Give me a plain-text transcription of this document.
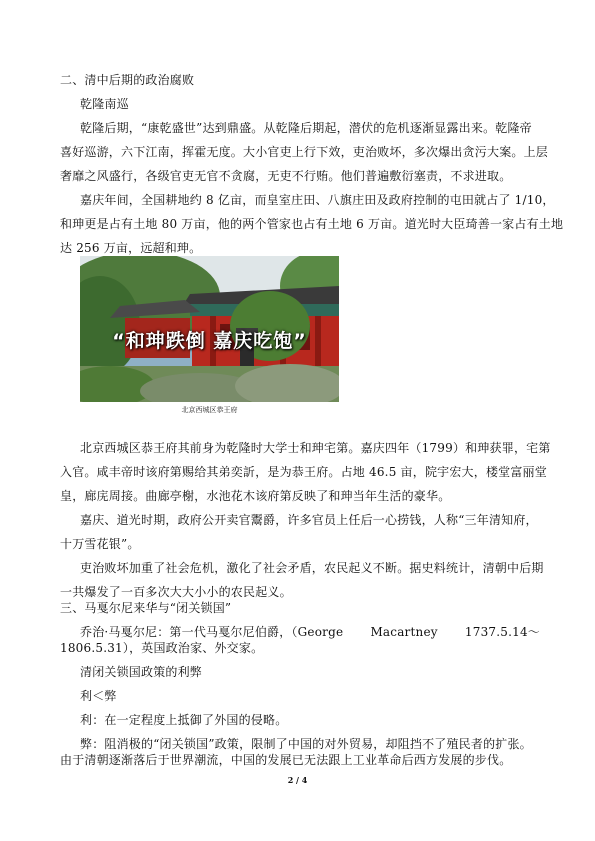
二、清中后期的政治腐败
乾隆南巡
乾隆后期，“康乾盛世”达到鼎盛。从乾隆后期起，潜伏的危机逐渐显露出来。乾隆帝
喜好巡游，六下江南，挥霍无度。大小官吏上行下效，吏治败坏，多次爆出贪污大案。上层
奢靡之风盛行，各级官吏无官不贪腐，无吏不行贿。他们普遍敷衍塞责，不求进取。
嘉庆年间，全国耕地约 8 亿亩，而皇室庄田、八旗庄田及政府控制的屯田就占了 1/10，
和珅更是占有土地 80 万亩，他的两个管家也占有土地 6 万亩。道光时大臣琦善一家占有土地
达 256 万亩，远超和珅。
“和珅跌倒 嘉庆吃饱”
北京西城区恭王府
北京西城区恭王府其前身为乾隆时大学士和珅宅第。嘉庆四年（1799）和珅获罪，宅第
入官。咸丰帝时该府第赐给其弟奕訢，是为恭王府。占地 46.5 亩，院宇宏大，楼堂富丽堂
皇，廊庑周接。曲廊亭榭，水池花木该府第反映了和珅当年生活的豪华。
嘉庆、道光时期，政府公开卖官鬻爵，许多官员上任后一心捞钱，人称“三年清知府，
十万雪花银”。
吏治败坏加重了社会危机，激化了社会矛盾，农民起义不断。据史料统计，清朝中后期
一共爆发了一百多次大大小小的农民起义。
三、马戛尔尼来华与“闭关锁国”
乔治·马戛尔尼：第一代马戛尔尼伯爵，（George Macartney 1737.5.14～
1806.5.31），英国政治家、外交家。
清闭关锁国政策的利弊
利＜弊
利：在一定程度上抵御了外国的侵略。
弊：阻消极的“闭关锁国”政策，限制了中国的对外贸易，却阻挡不了殖民者的扩张。
由于清朝逐渐落后于世界潮流，中国的发展已无法跟上工业革命后西方发展的步伐。
2 / 4
